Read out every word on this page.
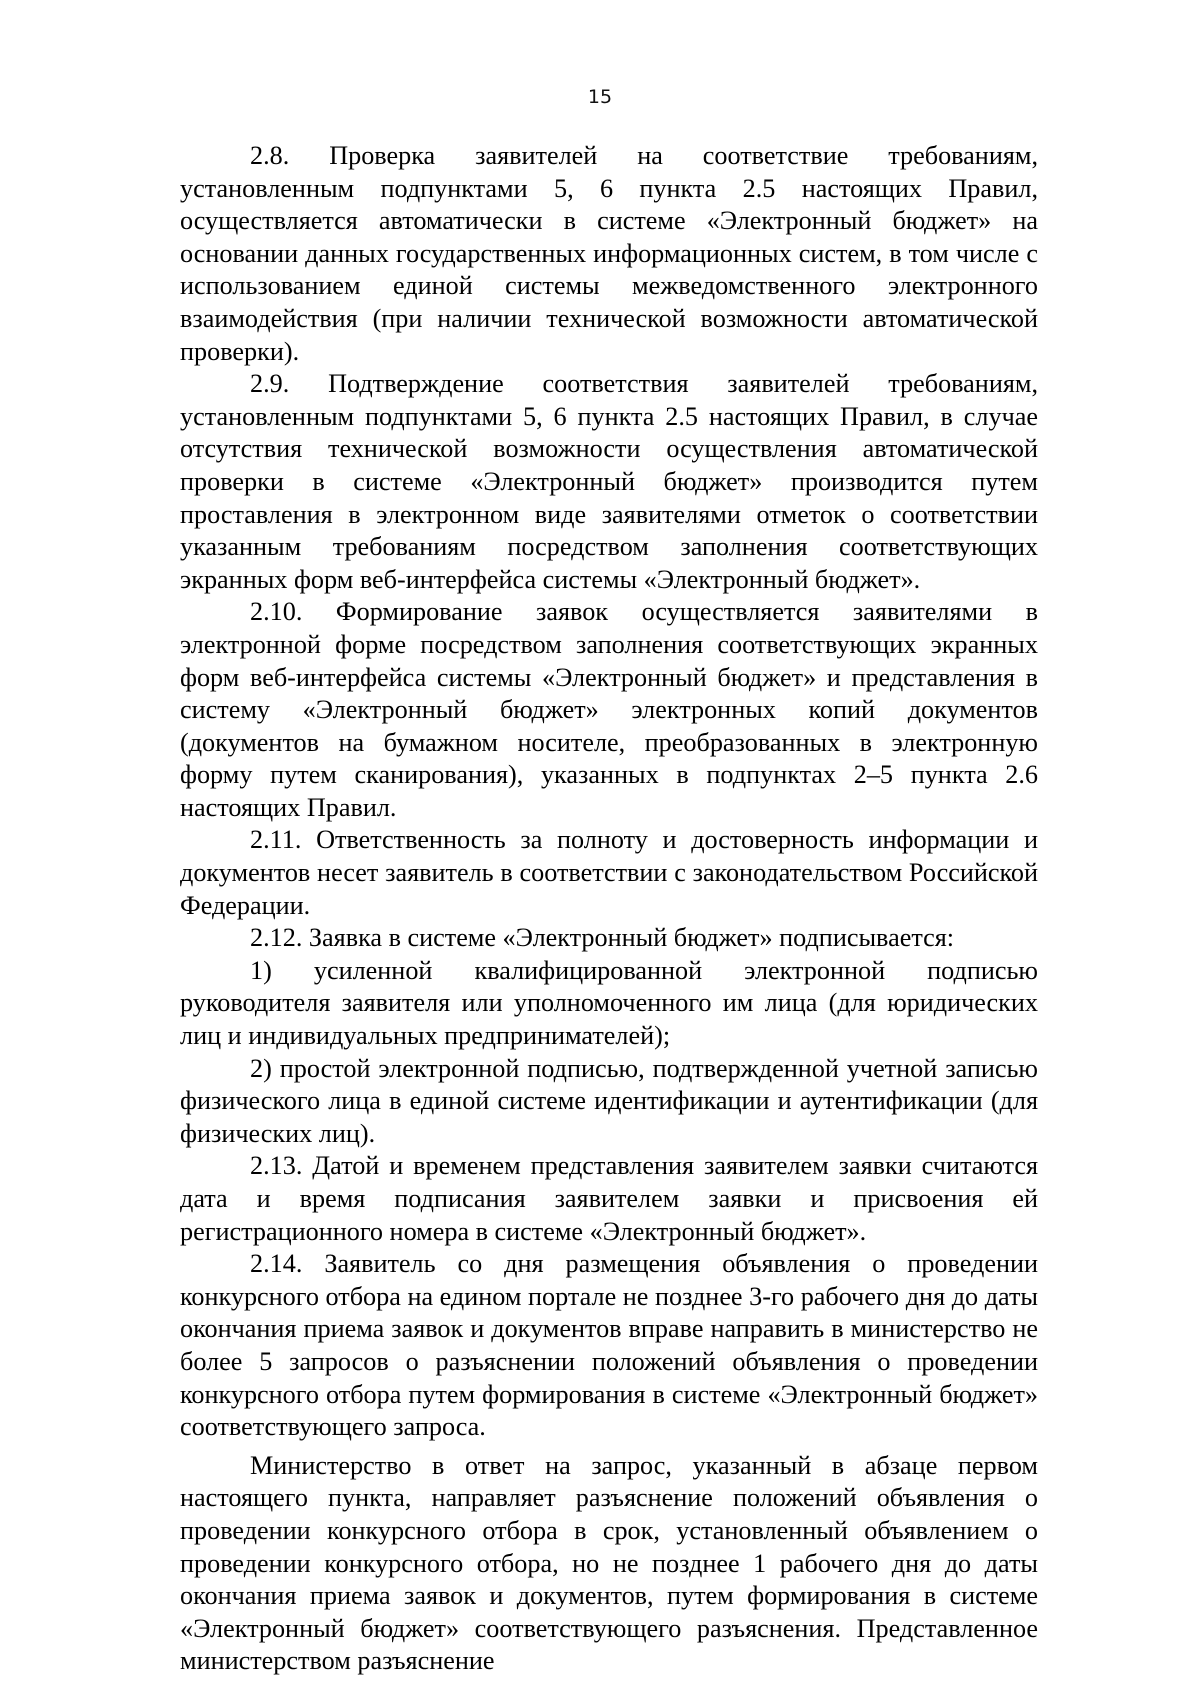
15

2.8. Проверка заявителей на соответствие требованиям, установленным подпунктами 5, 6 пункта 2.5 настоящих Правил, осуществляется автоматически в системе «Электронный бюджет» на основании данных государственных информационных систем, в том числе с использованием единой системы межведомственного электронного взаимодействия (при наличии технической возможности автоматической проверки).

2.9. Подтверждение соответствия заявителей требованиям, установленным подпунктами 5, 6 пункта 2.5 настоящих Правил, в случае отсутствия технической возможности осуществления автоматической проверки в системе «Электронный бюджет» производится путем проставления в электронном виде заявителями отметок о соответствии указанным требованиям посредством заполнения соответствующих экранных форм веб-интерфейса системы «Электронный бюджет».

2.10. Формирование заявок осуществляется заявителями в электронной форме посредством заполнения соответствующих экранных форм веб-интерфейса системы «Электронный бюджет» и представления в систему «Электронный бюджет» электронных копий документов (документов на бумажном носителе, преобразованных в электронную форму путем сканирования), указанных в подпунктах 2–5 пункта 2.6 настоящих Правил.

2.11. Ответственность за полноту и достоверность информации и документов несет заявитель в соответствии с законодательством Российской Федерации.

2.12. Заявка в системе «Электронный бюджет» подписывается:

1) усиленной квалифицированной электронной подписью руководителя заявителя или уполномоченного им лица (для юридических лиц и индивидуальных предпринимателей);

2) простой электронной подписью, подтвержденной учетной записью физического лица в единой системе идентификации и аутентификации (для физических лиц).

2.13. Датой и временем представления заявителем заявки считаются дата и время подписания заявителем заявки и присвоения ей регистрационного номера в системе «Электронный бюджет».

2.14. Заявитель со дня размещения объявления о проведении конкурсного отбора на едином портале не позднее 3-го рабочего дня до даты окончания приема заявок и документов вправе направить в министерство не более 5 запросов о разъяснении положений объявления о проведении конкурсного отбора путем формирования в системе «Электронный бюджет» соответствующего запроса.

Министерство в ответ на запрос, указанный в абзаце первом настоящего пункта, направляет разъяснение положений объявления о проведении конкурсного отбора в срок, установленный объявлением о проведении конкурсного отбора, но не позднее 1 рабочего дня до даты окончания приема заявок и документов, путем формирования в системе «Электронный бюджет» соответствующего разъяснения. Представленное министерством разъяснение
